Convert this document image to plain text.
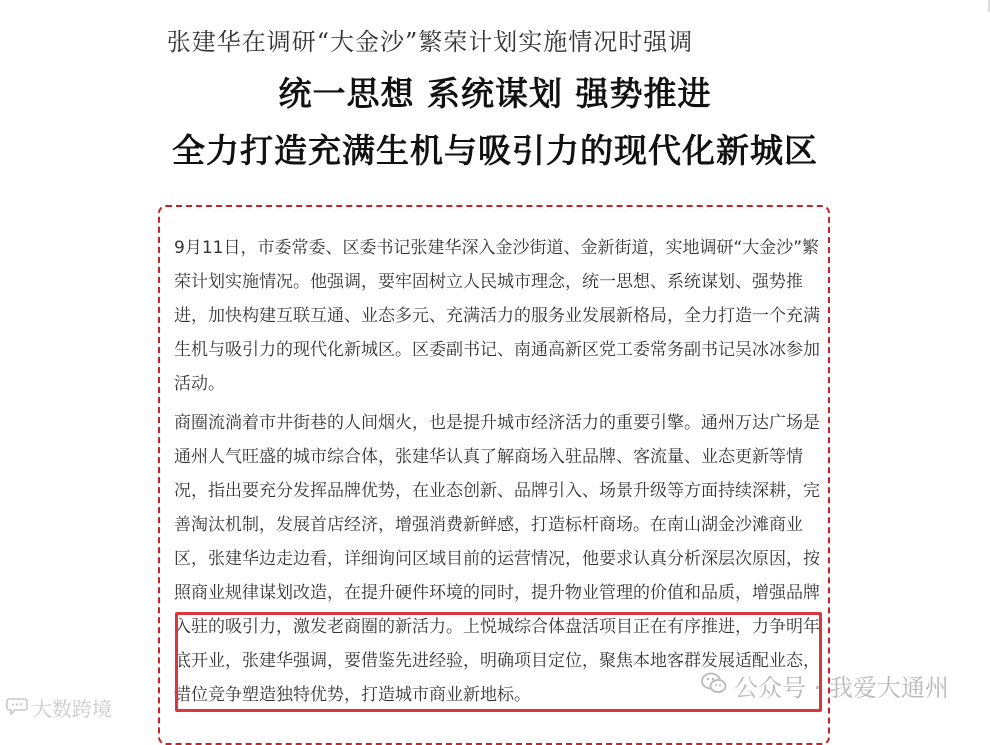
张建华在调研“大金沙”繁荣计划实施情况时强调
统一思想 系统谋划 强势推进
全力打造充满生机与吸引力的现代化新城区

9月11日，市委常委、区委书记张建华深入金沙街道、金新街道，实地调研“大金沙”繁荣计划实施情况。他强调，要牢固树立人民城市理念，统一思想、系统谋划、强势推进，加快构建互联互通、业态多元、充满活力的服务业发展新格局，全力打造一个充满生机与吸引力的现代化新城区。区委副书记、南通高新区党工委常务副书记吴冰冰参加活动。

商圈流淌着市井街巷的人间烟火，也是提升城市经济活力的重要引擎。通州万达广场是通州人气旺盛的城市综合体，张建华认真了解商场入驻品牌、客流量、业态更新等情况，指出要充分发挥品牌优势，在业态创新、品牌引入、场景升级等方面持续深耕，完善淘汰机制，发展首店经济，增强消费新鲜感，打造标杆商场。在南山湖金沙滩商业区，张建华边走边看，详细询问区域目前的运营情况，他要求认真分析深层次原因，按照商业规律谋划改造，在提升硬件环境的同时，提升物业管理的价值和品质，增强品牌入驻的吸引力，激发老商圈的新活力。上悦城综合体盘活项目正在有序推进，力争明年底开业，张建华强调，要借鉴先进经验，明确项目定位，聚焦本地客群发展适配业态，错位竞争塑造独特优势，打造城市商业新地标。

大数跨境
公众号 · 我爱大通州
